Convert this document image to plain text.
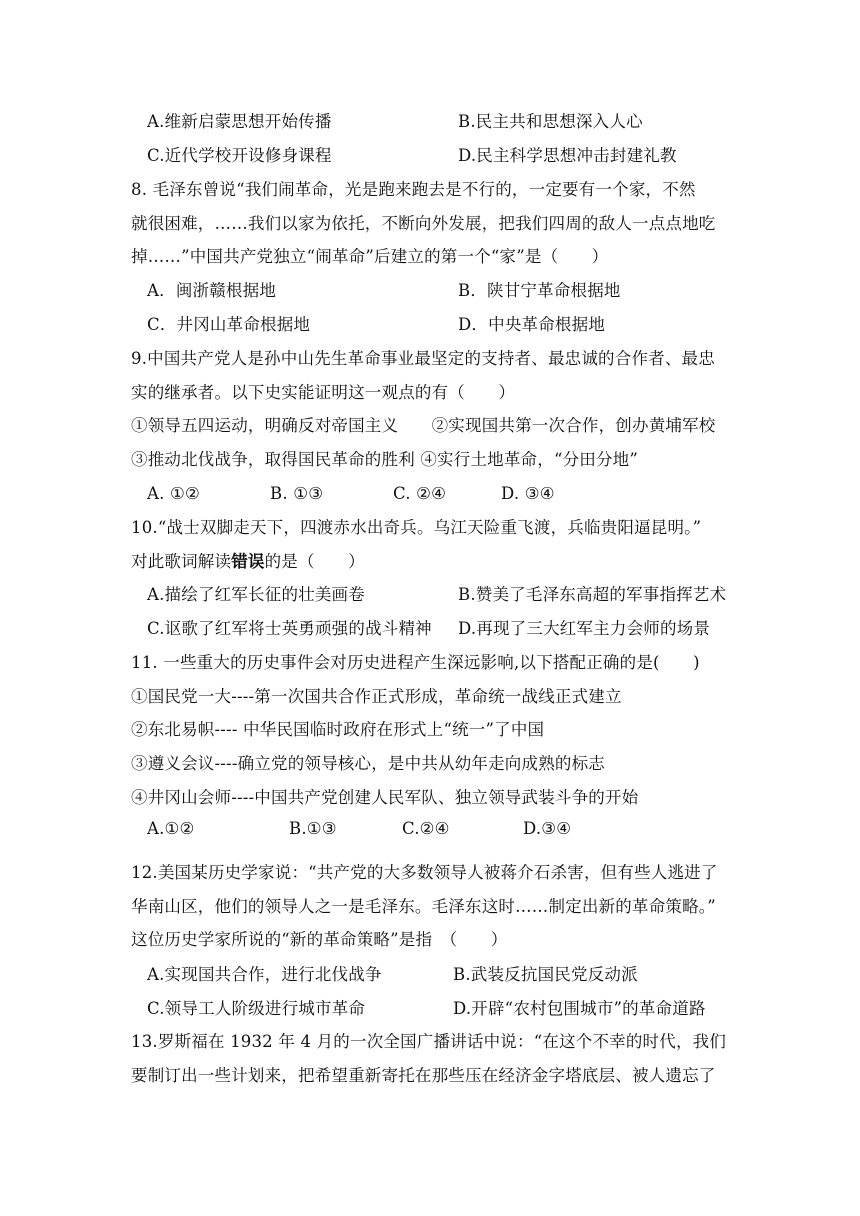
A.维新启蒙思想开始传播	B.民主共和思想深入人心
C.近代学校开设修身课程	D.民主科学思想冲击封建礼教
8. 毛泽东曾说“我们闹革命，光是跑来跑去是不行的，一定要有一个家，不然
就很困难，……我们以家为依托，不断向外发展，把我们四周的敌人一点点地吃
掉……”中国共产党独立“闹革命”后建立的第一个“家”是（　　）
A．闽浙赣根据地	B．陕甘宁革命根据地
C．井冈山革命根据地	D．中央革命根据地
9.中国共产党人是孙中山先生革命事业最坚定的支持者、最忠诚的合作者、最忠
实的继承者。以下史实能证明这一观点的有（　　）
①领导五四运动，明确反对帝国主义　　②实现国共第一次合作，创办黄埔军校
③推动北伐战争，取得国民革命的胜利 ④实行土地革命，“分田分地”
A. ①②	B. ①③	C. ②④	D. ③④
10.“战士双脚走天下，四渡赤水出奇兵。乌江天险重飞渡，兵临贵阳逼昆明。”
对此歌词解读错误的是（　　）
A.描绘了红军长征的壮美画卷	B.赞美了毛泽东高超的军事指挥艺术
C.讴歌了红军将士英勇顽强的战斗精神 D.再现了三大红军主力会师的场景
11. 一些重大的历史事件会对历史进程产生深远影响,以下搭配正确的是(　　)
①国民党一大----第一次国共合作正式形成，革命统一战线正式建立
②东北易帜---- 中华民国临时政府在形式上“统一”了中国
③遵义会议----确立党的领导核心，是中共从幼年走向成熟的标志
④井冈山会师----中国共产党创建人民军队、独立领导武装斗争的开始
A.①②	B.①③	C.②④	D.③④
12.美国某历史学家说：“共产党的大多数领导人被蒋介石杀害，但有些人逃进了
华南山区，他们的领导人之一是毛泽东。毛泽东这时……制定出新的革命策略。”
这位历史学家所说的“新的革命策略”是指　（　　）
A.实现国共合作，进行北伐战争	B.武装反抗国民党反动派
C.领导工人阶级进行城市革命	D.开辟“农村包围城市”的革命道路
13.罗斯福在 1932 年 4 月的一次全国广播讲话中说：“在这个不幸的时代，我们
要制订出一些计划来，把希望重新寄托在那些压在经济金字塔底层、被人遗忘了
